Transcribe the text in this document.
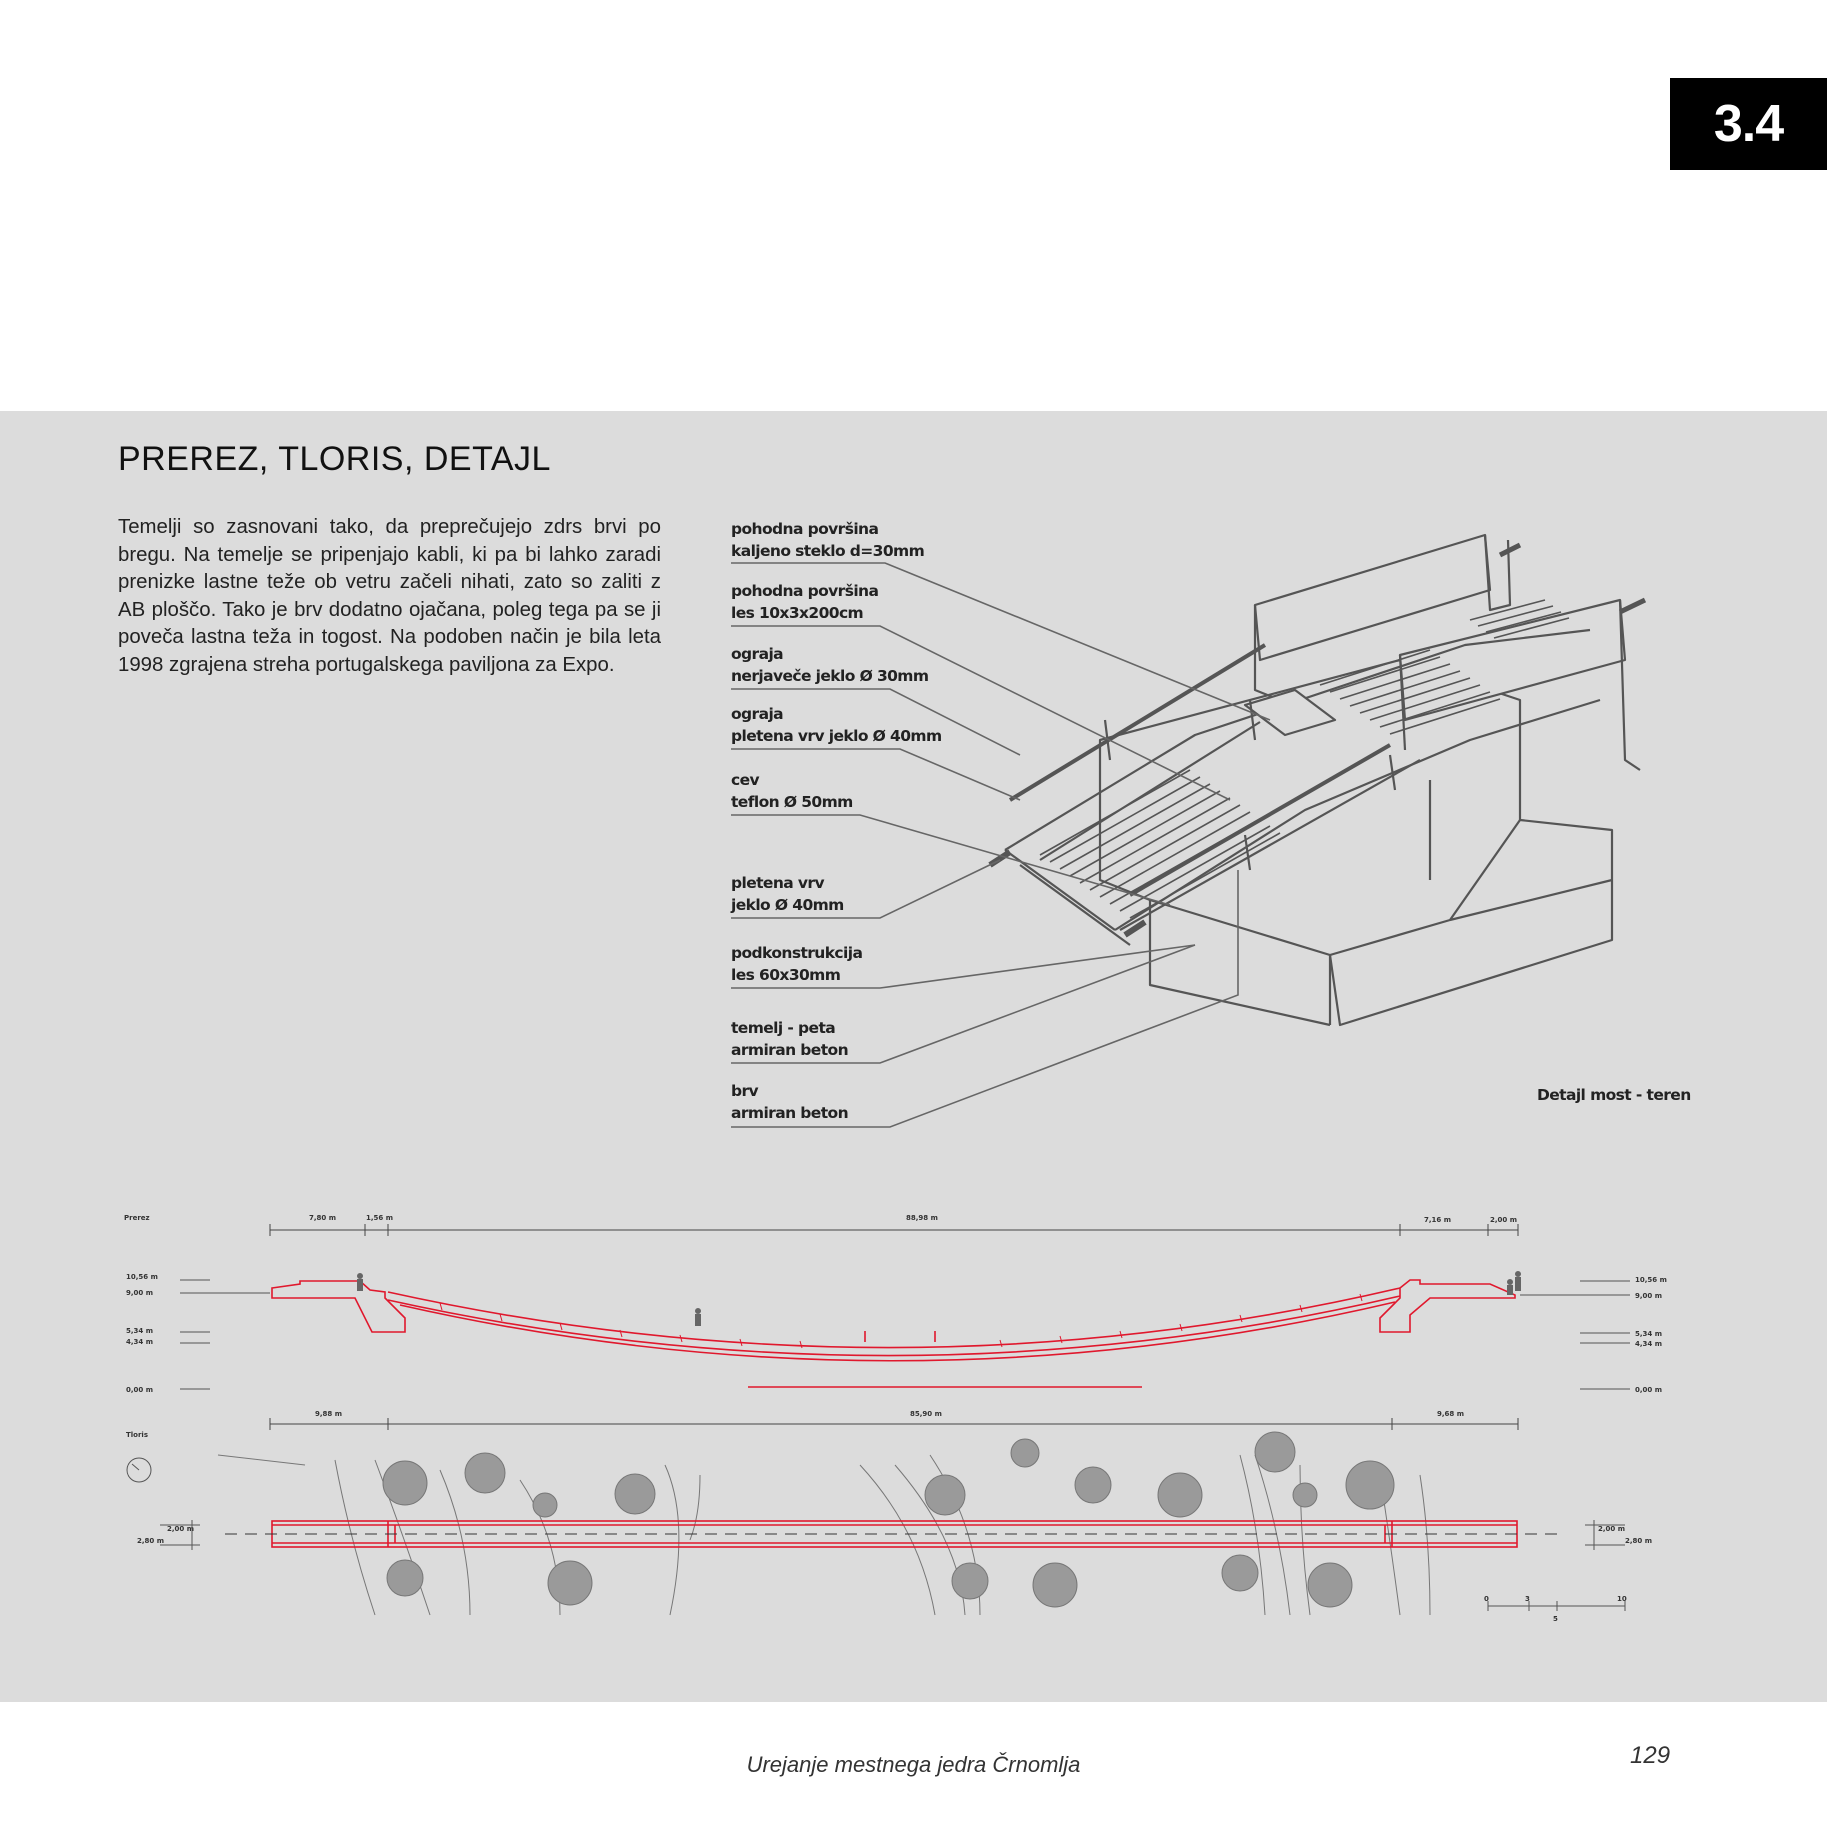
3.4
PREREZ, TLORIS, DETAJL
Temelji so zasnovani tako, da preprečujejo zdrs brvi po bregu. Na temelje se pripenjajo kabli, ki pa bi lahko zaradi prenizke lastne teže ob vetru začeli nihati, zato so zaliti z AB ploščo. Tako je brv dodatno ojačana, poleg tega pa se ji poveča lastna teža in togost. Na podoben način je bila leta 1998 zgrajena streha portugalskega paviljona za Expo.
pohodna površina
kaljeno steklo d=30mm
pohodna površina
les 10x3x200cm
ograja
nerjaveče jeklo Ø 30mm
ograja
pletena vrv jeklo Ø 40mm
cev
teflon Ø 50mm
pletena vrv
jeklo Ø 40mm
podkonstrukcija
les 60x30mm
temelj - peta
armiran beton
brv
armiran beton
Detajl most - teren
Prerez	7,80 m	1,56 m	88,98 m	7,16 m	2,00 m
10,56 m
9,00 m
5,34 m
4,34 m
0,00 m
10,56 m
9,00 m
5,34 m
4,34 m
0,00 m
Tloris
9,88 m	85,90 m	9,68 m
2,00 m
2,80 m
2,00 m
2,80 m
0	3
5
10
Urejanje mestnega jedra Črnomlja	129
